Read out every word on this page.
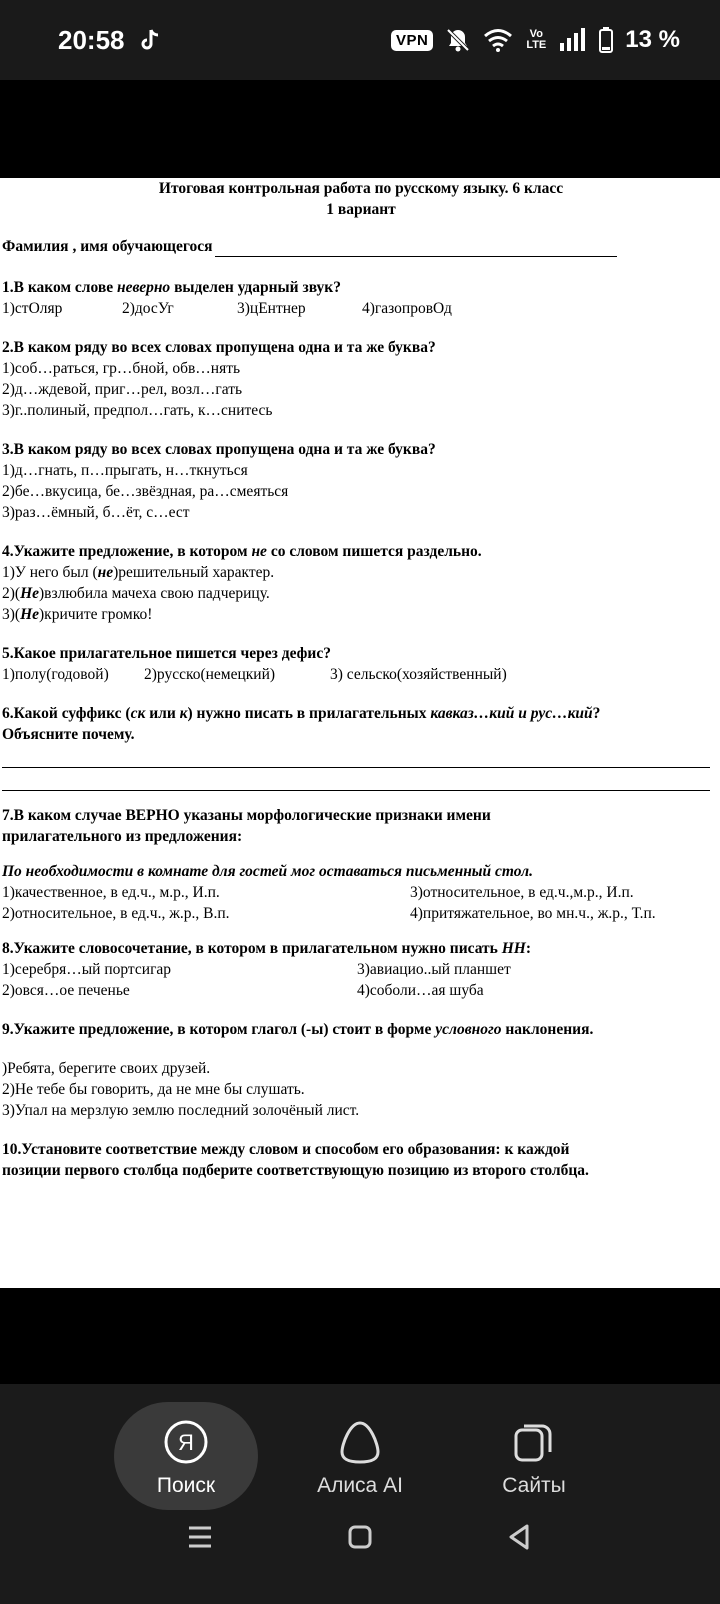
20:58	VPN	Vo LTE	13 %
Итоговая контрольная работа по русскому языку. 6 класс
1 вариант
Фамилия , имя обучающегося
1.В каком слове неверно выделен ударный звук?
1)стОляр	2)досУг	3)цЕнтнер	4)газопровОд
2.В каком ряду во всех словах пропущена одна и та же буква?
1)соб…раться, гр…бной, обв…нять
2)д…ждевой, приг…рел, возл…гать
3)г..полиный, предпол…гать, к…снитесь
3.В каком ряду во всех словах пропущена одна и та же буква?
1)д…гнать, п…прыгать, н…ткнуться
2)бе…вкусица, бе…звёздная, ра…смеяться
3)раз…ёмный, б…ёт, с…ест
4.Укажите предложение, в котором не со словом пишется раздельно.
1)У него был (не)решительный характер.
2)(Не)взлюбила мачеха свою падчерицу.
3)(Не)кричите громко!
5.Какое прилагательное пишется через дефис?
1)полу(годовой)	2)русско(немецкий)	3) сельско(хозяйственный)
6.Какой суффикс (ск или к) нужно писать в прилагательных кавказ…кий и рус…кий?
Объясните почему.
7.В каком случае ВЕРНО указаны морфологические признаки имени
прилагательного из предложения:
По необходимости в комнате для гостей мог оставаться письменный стол.
1)качественное, в ед.ч., м.р., И.п.	3)относительное, в ед.ч.,м.р., И.п.
2)относительное, в ед.ч., ж.р., В.п.	4)притяжательное, во мн.ч., ж.р., Т.п.
8.Укажите словосочетание, в котором в прилагательном нужно писать НН:
1)серебря…ый портсигар	3)авиацио..ый планшет
2)овся…ое печенье	4)соболи…ая шуба
9.Укажите предложение, в котором глагол (-ы) стоит в форме условного наклонения.
)Ребята, берегите своих друзей.
2)Не тебе бы говорить, да не мне бы слушать.
3)Упал на мерзлую землю последний золочёный лист.
10.Установите соответствие между словом и способом его образования: к каждой
позиции первого столбца подберите соответствующую позицию из второго столбца.
Я
Поиск	Алиса AI	Сайты
